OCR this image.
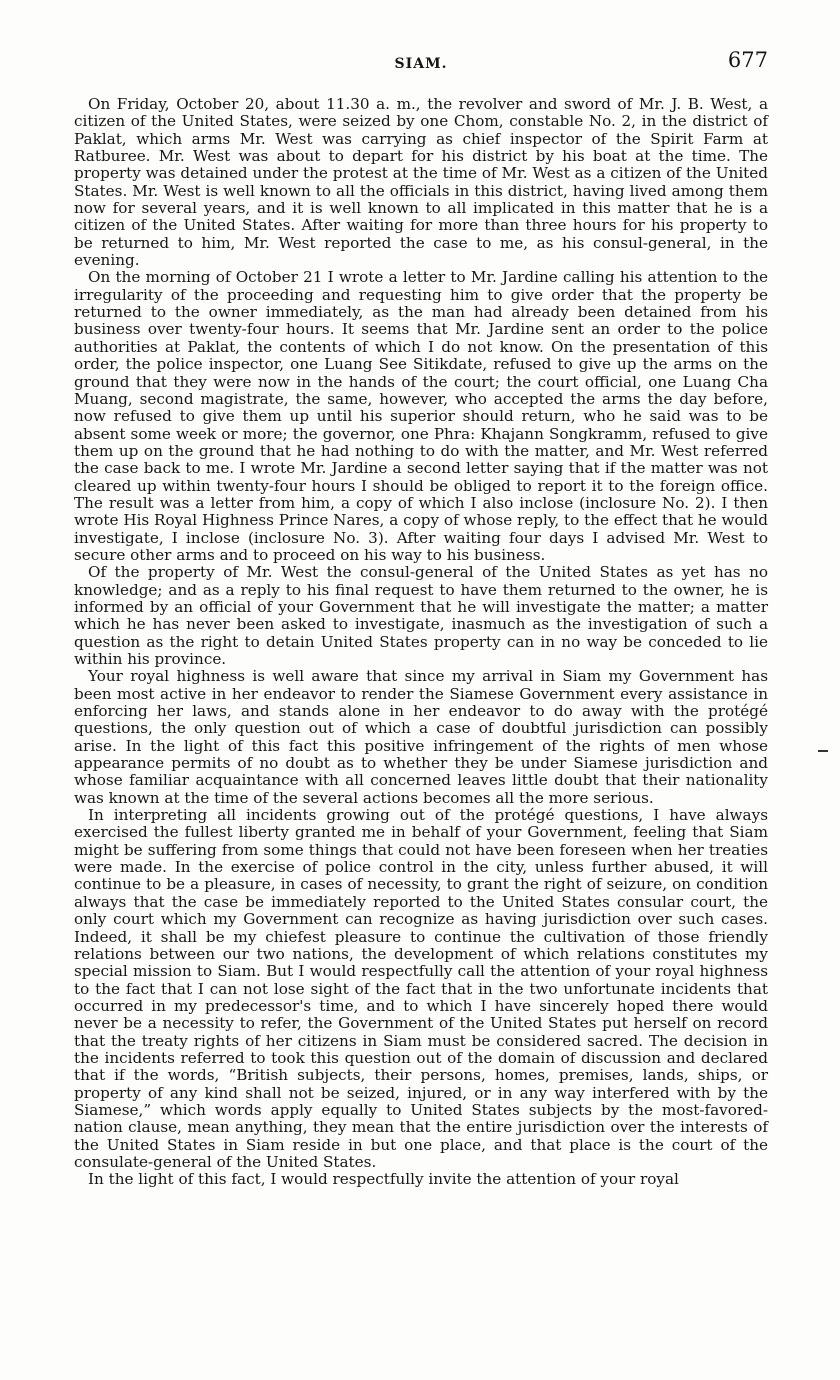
SIAM.	677

On Friday, October 20, about 11.30 a. m., the revolver and sword of Mr. J. B. West, a citizen of the United States, were seized by one Chom, constable No. 2, in the district of Paklat, which arms Mr. West was carrying as chief inspector of the Spirit Farm at Ratburee. Mr. West was about to depart for his district by his boat at the time. The property was detained under the protest at the time of Mr. West as a citizen of the United States. Mr. West is well known to all the officials in this district, having lived among them now for several years, and it is well known to all implicated in this matter that he is a citizen of the United States. After waiting for more than three hours for his property to be returned to him, Mr. West reported the case to me, as his consul-general, in the evening.

On the morning of October 21 I wrote a letter to Mr. Jardine calling his attention to the irregularity of the proceeding and requesting him to give order that the property be returned to the owner immediately, as the man had already been detained from his business over twenty-four hours. It seems that Mr. Jardine sent an order to the police authorities at Paklat, the contents of which I do not know. On the presentation of this order, the police inspector, one Luang See Sitikdate, refused to give up the arms on the ground that they were now in the hands of the court; the court official, one Luang Cha Muang, second magistrate, the same, however, who accepted the arms the day before, now refused to give them up until his superior should return, who he said was to be absent some week or more; the governor, one Phra: Khajann Songkramm, refused to give them up on the ground that he had nothing to do with the matter, and Mr. West referred the case back to me. I wrote Mr. Jardine a second letter saying that if the matter was not cleared up within twenty-four hours I should be obliged to report it to the foreign office. The result was a letter from him, a copy of which I also inclose (inclosure No. 2). I then wrote His Royal Highness Prince Nares, a copy of whose reply, to the effect that he would investigate, I inclose (inclosure No. 3). After waiting four days I advised Mr. West to secure other arms and to proceed on his way to his business.

Of the property of Mr. West the consul-general of the United States as yet has no knowledge; and as a reply to his final request to have them returned to the owner, he is informed by an official of your Government that he will investigate the matter; a matter which he has never been asked to investigate, inasmuch as the investigation of such a question as the right to detain United States property can in no way be conceded to lie within his province.

Your royal highness is well aware that since my arrival in Siam my Government has been most active in her endeavor to render the Siamese Government every assistance in enforcing her laws, and stands alone in her endeavor to do away with the protégé questions, the only question out of which a case of doubtful jurisdiction can possibly arise. In the light of this fact this positive infringement of the rights of men whose appearance permits of no doubt as to whether they be under Siamese jurisdiction and whose familiar acquaintance with all concerned leaves little doubt that their nationality was known at the time of the several actions becomes all the more serious.

In interpreting all incidents growing out of the protégé questions, I have always exercised the fullest liberty granted me in behalf of your Government, feeling that Siam might be suffering from some things that could not have been foreseen when her treaties were made. In the exercise of police control in the city, unless further abused, it will continue to be a pleasure, in cases of necessity, to grant the right of seizure, on condition always that the case be immediately reported to the United States consular court, the only court which my Government can recognize as having jurisdiction over such cases. Indeed, it shall be my chiefest pleasure to continue the cultivation of those friendly relations between our two nations, the development of which relations constitutes my special mission to Siam. But I would respectfully call the attention of your royal highness to the fact that I can not lose sight of the fact that in the two unfortunate incidents that occurred in my predecessor's time, and to which I have sincerely hoped there would never be a necessity to refer, the Government of the United States put herself on record that the treaty rights of her citizens in Siam must be considered sacred. The decision in the incidents referred to took this question out of the domain of discussion and declared that if the words, “British subjects, their persons, homes, premises, lands, ships, or property of any kind shall not be seized, injured, or in any way interfered with by the Siamese,” which words apply equally to United States subjects by the most-favored-nation clause, mean anything, they mean that the entire jurisdiction over the interests of the United States in Siam reside in but one place, and that place is the court of the consulate-general of the United States.

In the light of this fact, I would respectfully invite the attention of your royal
